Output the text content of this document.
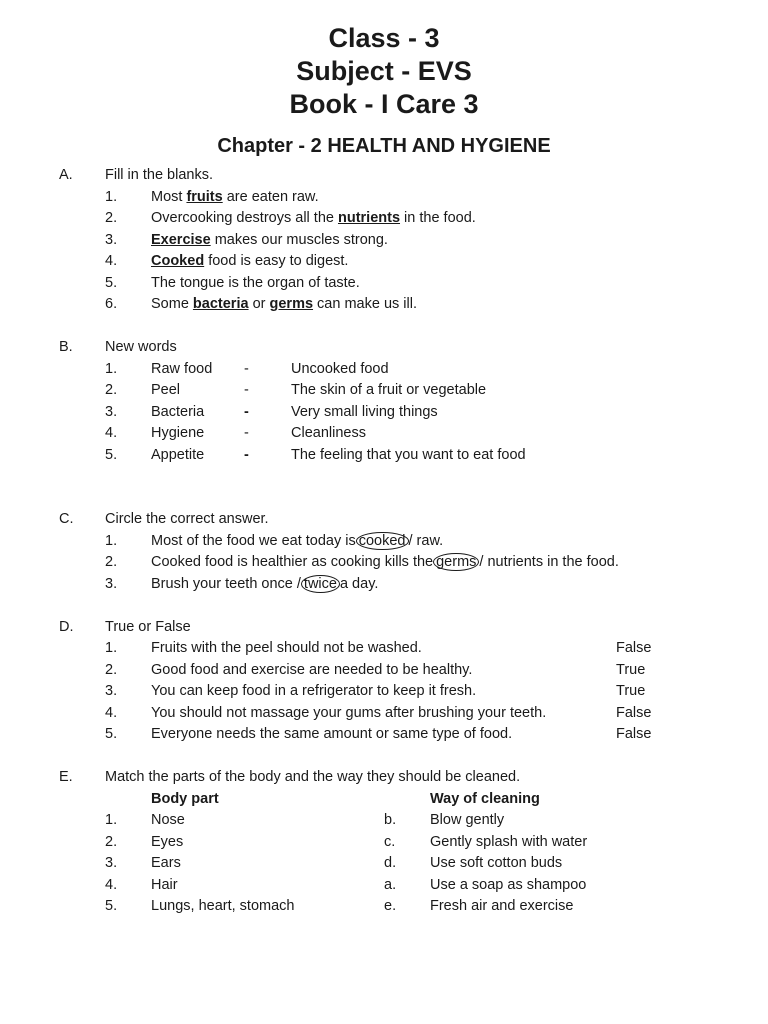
Class - 3
Subject - EVS
Book - I Care 3
Chapter - 2 HEALTH AND HYGIENE
A. Fill in the blanks.
1. Most fruits are eaten raw.
2. Overcooking destroys all the nutrients in the food.
3. Exercise makes our muscles strong.
4. Cooked food is easy to digest.
5. The tongue is the organ of taste.
6. Some bacteria or germs can make us ill.
B. New words
1. Raw food -	Uncooked food
2. Peel	-	The skin of a fruit or vegetable
3. Bacteria	-	Very small living things
4. Hygiene	-	Cleanliness
5. Appetite	-	The feeling that you want to eat food
C. Circle the correct answer.
1. Most of the food we eat today is cooked / raw.
2. Cooked food is healthier as cooking kills the germs / nutrients in the food.
3. Brush your teeth once / twice a day.
D. True or False
1. Fruits with the peel should not be washed.	False
2. Good food and exercise are needed to be healthy.	True
3. You can keep food in a refrigerator to keep it fresh.	True
4. You should not massage your gums after brushing your teeth.	False
5. Everyone needs the same amount or same type of food.	False
E. Match the parts of the body and the way they should be cleaned.
Body part	Way of cleaning
1. Nose	b. Blow gently
2. Eyes	c. Gently splash with water
3. Ears	d. Use soft cotton buds
4. Hair	a. Use a soap as shampoo
5. Lungs, heart, stomach	e. Fresh air and exercise
